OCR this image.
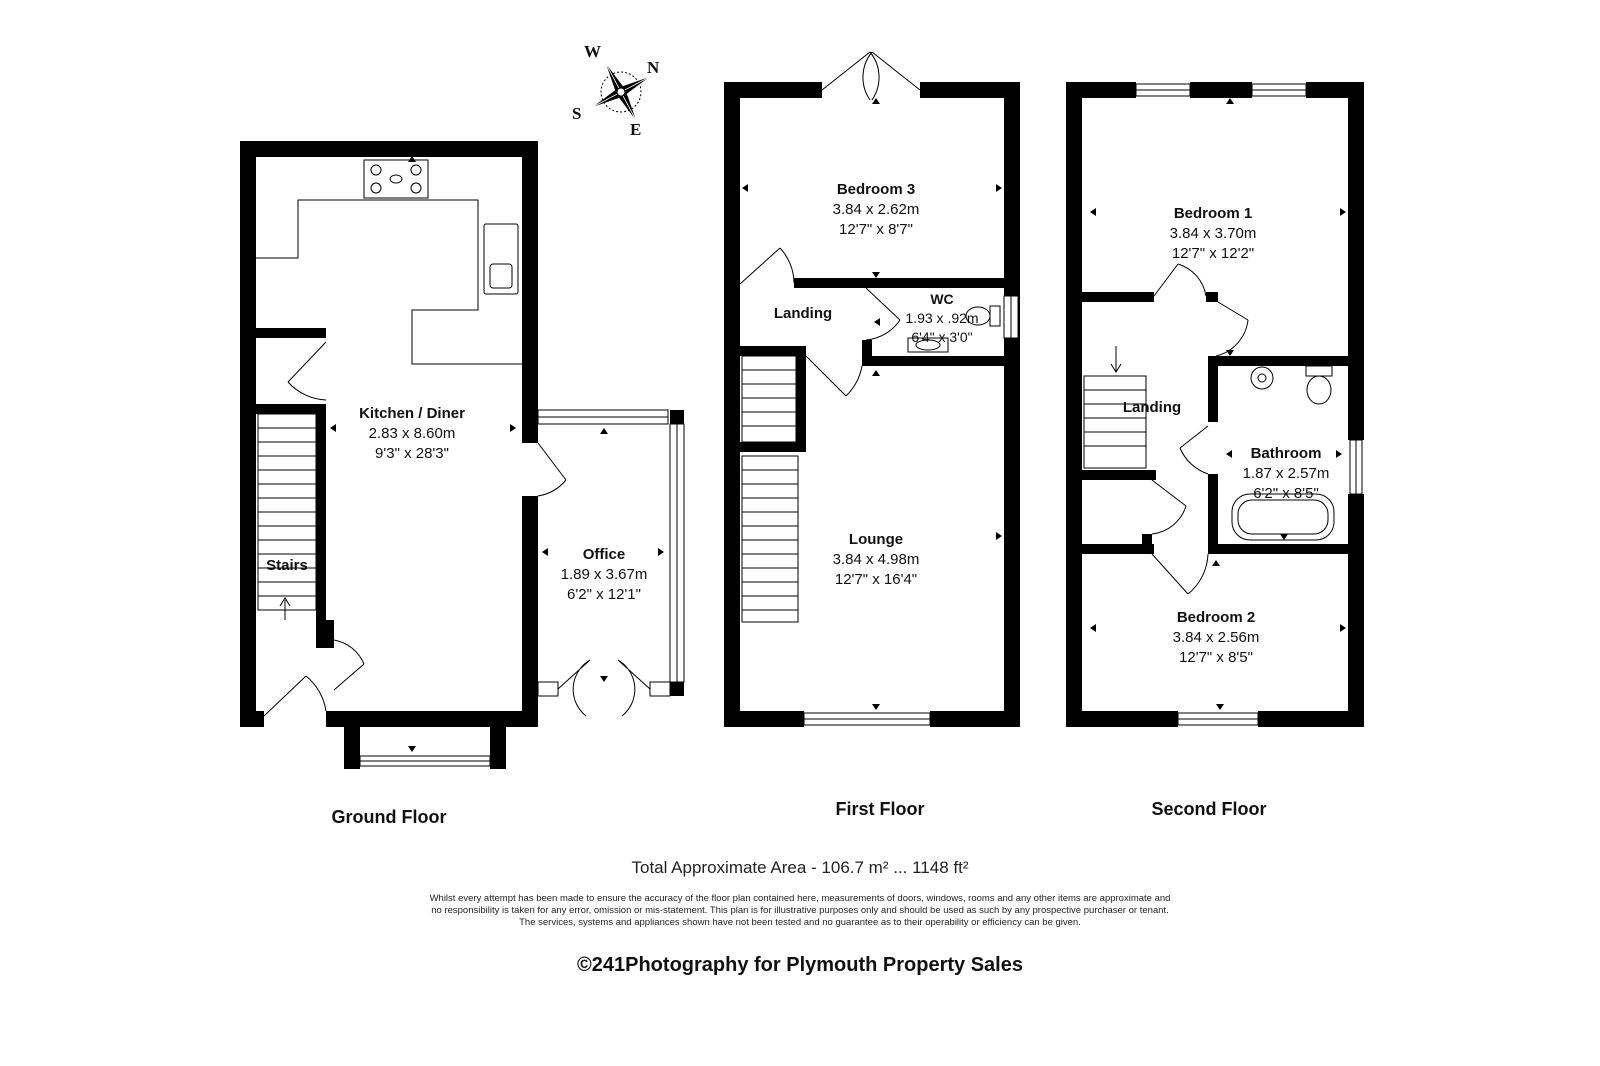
W
N
S
E
Kitchen / Diner
2.83 x 8.60m
9'3" x 28'3"
Stairs
Office
1.89 x 3.67m
6'2" x 12'1"
Bedroom 3
3.84 x 2.62m
12'7" x 8'7"
Landing
WC
1.93 x .92m
6'4" x 3'0"
Lounge
3.84 x 4.98m
12'7" x 16'4"
Bedroom 1
3.84 x 3.70m
12'7" x 12'2"
Landing
Bathroom
1.87 x 2.57m
6'2" x 8'5"
Bedroom 2
3.84 x 2.56m
12'7" x 8'5"
Ground Floor	First Floor	Second Floor
Total Approximate Area - 106.7 m² ... 1148 ft²
Whilst every attempt has been made to ensure the accuracy of the floor plan contained here, measurements of doors, windows, rooms and any other items are approximate and
no responsibility is taken for any error, omission or mis-statement. This plan is for illustrative purposes only and should be used as such by any prospective purchaser or tenant.
The services, systems and appliances shown have not been tested and no guarantee as to their operability or efficiency can be given.
©241Photography for Plymouth Property Sales
